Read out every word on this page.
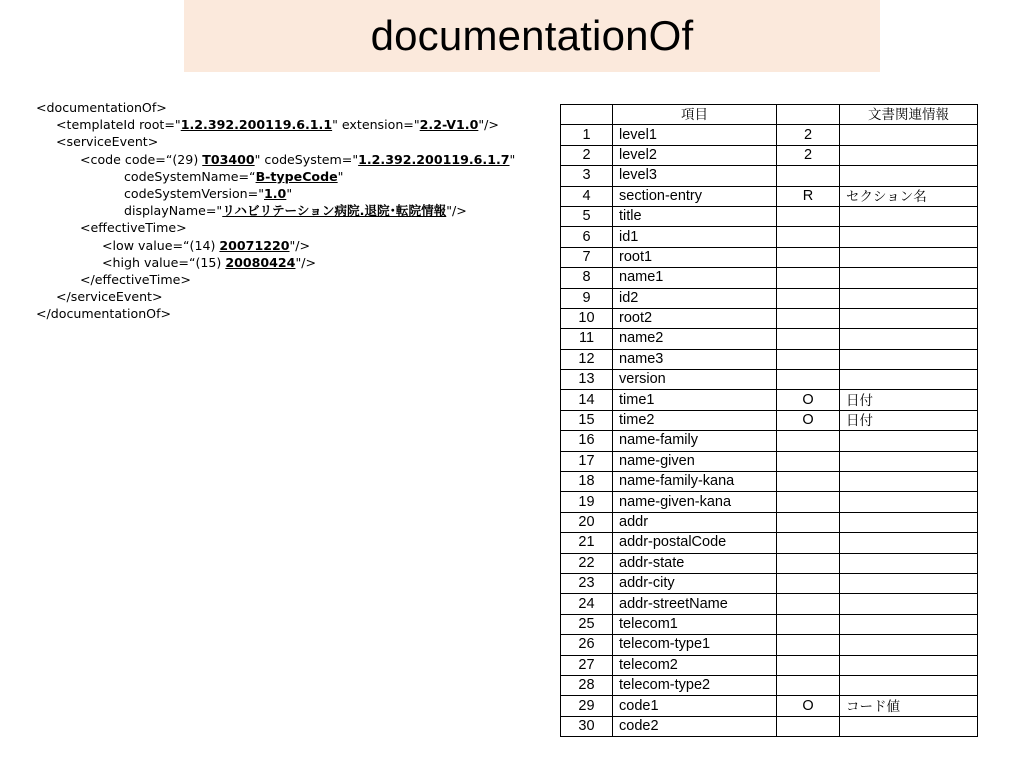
documentationOf
<documentationOf>
<templateId root="1.2.392.200119.6.1.1" extension="2.2-V1.0"/>
<serviceEvent>
<code code=“(29) T03400" codeSystem="1.2.392.200119.6.1.7"
codeSystemName=“B-typeCode"
codeSystemVersion="1.0"
displayName="リハビリテーション病院.退院･転院情報"/>
<effectiveTime>
<low value=“(14) 20071220"/>
<high value=“(15) 20080424"/>
</effectiveTime>
</serviceEvent>
</documentationOf>
	項目		文書関連情報
1	level1	2	
2	level2	2	
3	level3		
4	section-entry	R	セクション名
5	title		
6	id1		
7	root1		
8	name1		
9	id2		
10	root2		
11	name2		
12	name3		
13	version		
14	time1	O	日付
15	time2	O	日付
16	name-family		
17	name-given		
18	name-family-kana		
19	name-given-kana		
20	addr		
21	addr-postalCode		
22	addr-state		
23	addr-city		
24	addr-streetName		
25	telecom1		
26	telecom-type1		
27	telecom2		
28	telecom-type2		
29	code1	O	コード値
30	code2		
